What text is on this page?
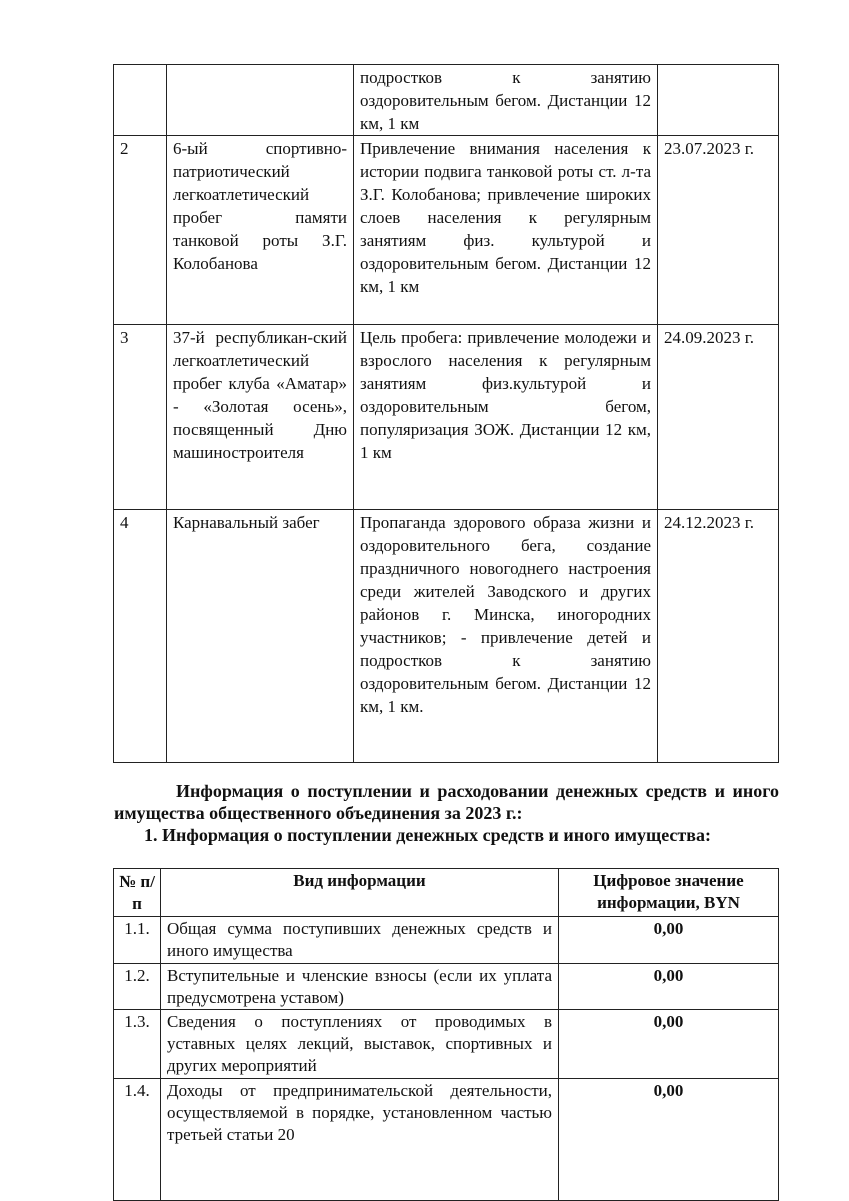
		подростков к занятию оздоровительным бегом. Дистанции 12 км, 1 км	
2	6-ый спортивно-патриотический легкоатлетический пробег памяти танковой роты З.Г. Колобанова	Привлечение внимания населения к истории подвига танковой роты ст. л-та З.Г. Колобанова; привлечение широких слоев населения к регулярным занятиям физ. культурой и оздоровительным бегом. Дистанции 12 км, 1 км	23.07.2023 г.
3	37-й республикан-ский легкоатлетический пробег клуба «Аматар» - «Золотая осень», посвященный Дню машиностроителя	Цель пробега: привлечение молодежи и взрослого населения к регулярным занятиям физ.культурой и оздоровительным бегом, популяризация ЗОЖ. Дистанции 12 км, 1 км	24.09.2023 г.
4	Карнавальный забег	Пропаганда здорового образа жизни и оздоровительного бега, создание праздничного новогоднего настроения среди жителей Заводского и других районов г. Минска, иногородних участников; - привлечение детей и подростков к занятию оздоровительным бегом. Дистанции 12 км, 1 км.	24.12.2023 г.

Информация о поступлении и расходовании денежных средств и иного имущества общественного объединения за 2023 г.:

1. Информация о поступлении денежных средств и иного имущества:

№ п/п	Вид информации	Цифровое значение информации, BYN
1.1.	Общая сумма поступивших денежных средств и иного имущества	0,00
1.2.	Вступительные и членские взносы (если их уплата предусмотрена уставом)	0,00
1.3.	Сведения о поступлениях от проводимых в уставных целях лекций, выставок, спортивных и других мероприятий	0,00
1.4.	Доходы от предпринимательской деятельности, осуществляемой в порядке, установленном частью третьей статьи 20	0,00
